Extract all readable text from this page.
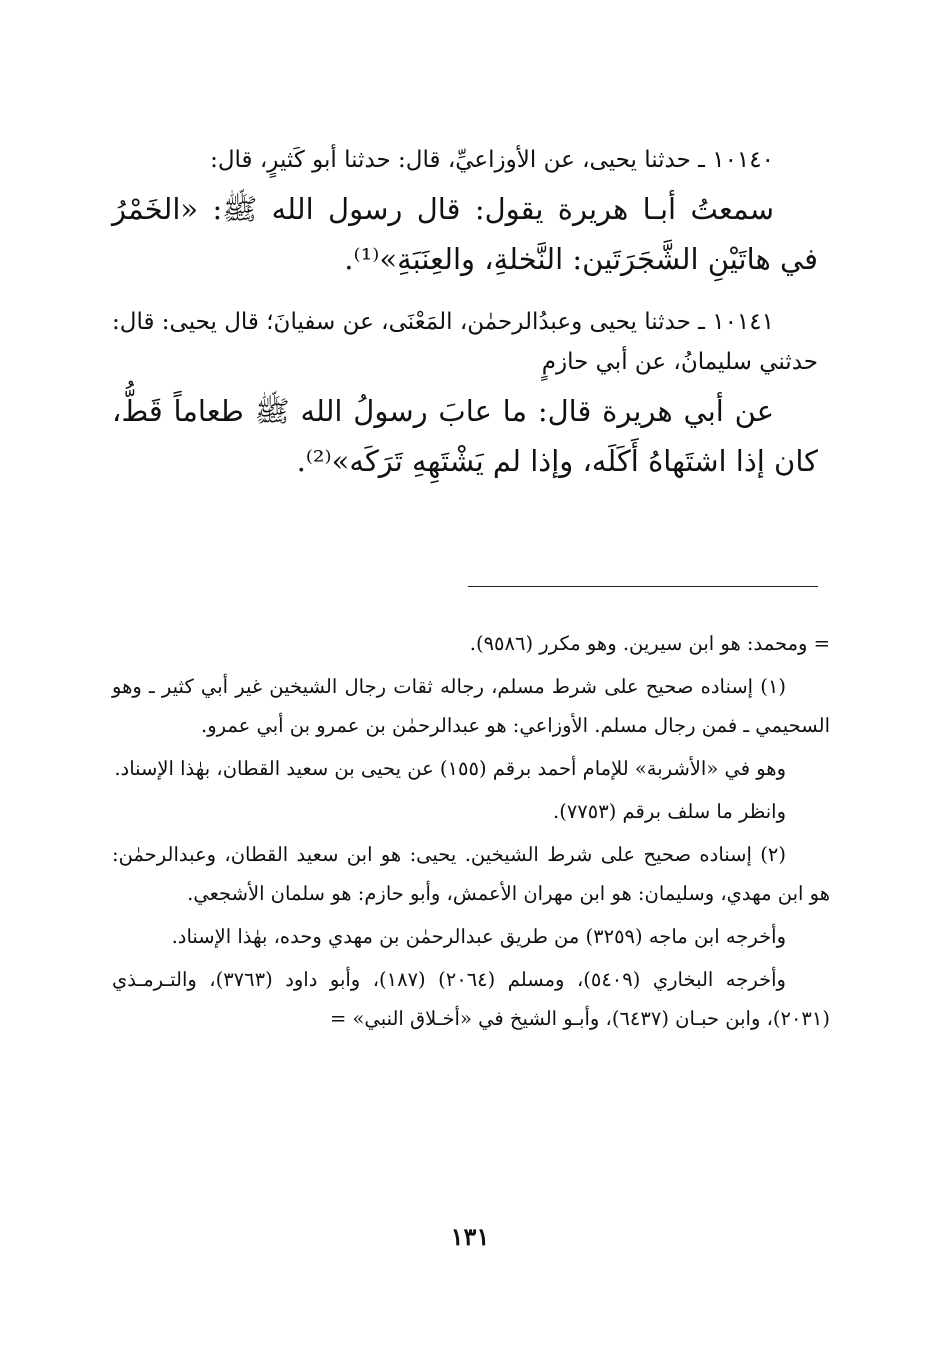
١٠١٤٠ ـ حدثنا يحيى، عن الأوزاعيِّ، قال: حدثنا أبو كَثيرٍ، قال:

سمعتُ أبـا هريرة يقول: قال رسول الله ﷺ: «الخَمْرُ في هاتَيْنِ الشَّجَرَتَين: النَّخلةِ، والعِنَبَةِ»⁽¹⁾.

١٠١٤١ ـ حدثنا يحيى وعبدُالرحمٰن، المَعْنَى، عن سفيانَ؛ قال يحيى: قال: حدثني سليمانُ، عن أبي حازمٍ

عن أبي هريرة قال: ما عابَ رسولُ الله ﷺ طعاماً قَطُّ، كان إذا اشتَهاهُ أَكَلَه، وإذا لم يَشْتَهِهِ تَرَكَه»⁽²⁾.

= ومحمد: هو ابن سيرين. وهو مكرر (٩٥٨٦).

(١) إسناده صحيح على شرط مسلم، رجاله ثقات رجال الشيخين غير أبي كثير ـ وهو السحيمي ـ فمن رجال مسلم. الأوزاعي: هو عبدالرحمٰن بن عمرو بن أبي عمرو.

وهو في «الأشربة» للإمام أحمد برقم (١٥٥) عن يحيى بن سعيد القطان، بهٰذا الإسناد.

وانظر ما سلف برقم (٧٧٥٣).

(٢) إسناده صحيح على شرط الشيخين. يحيى: هو ابن سعيد القطان، وعبدالرحمٰن: هو ابن مهدي، وسليمان: هو ابن مهران الأعمش، وأبو حازم: هو سلمان الأشجعي.

وأخرجه ابن ماجه (٣٢٥٩) من طريق عبدالرحمٰن بن مهدي وحده، بهٰذا الإسناد.

وأخرجه البخاري (٥٤٠٩)، ومسلم (٢٠٦٤) (١٨٧)، وأبو داود (٣٧٦٣)، والتـرمـذي (٢٠٣١)، وابن حبـان (٦٤٣٧)، وأبـو الشيخ في «أخـلاق النبي» =

١٣١
